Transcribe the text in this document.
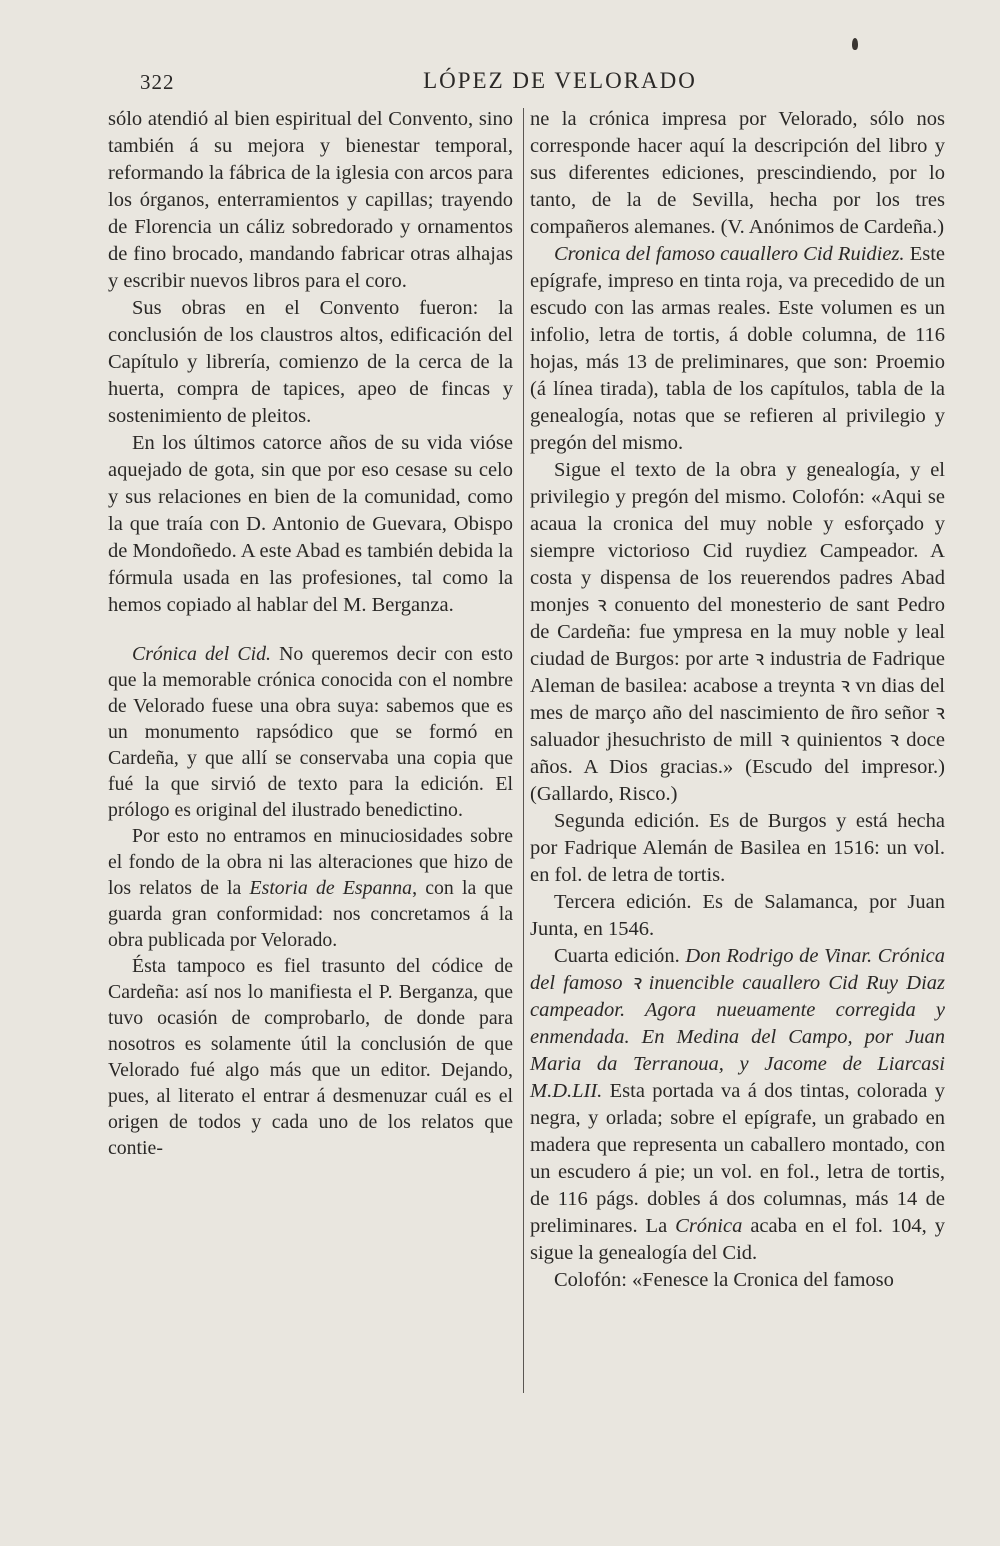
322	LÓPEZ DE VELORADO

sólo atendió al bien espiritual del Convento, sino también á su mejora y bienestar temporal, reformando la fábrica de la iglesia con arcos para los órganos, enterramientos y capillas; trayendo de Florencia un cáliz sobredorado y ornamentos de fino brocado, mandando fabricar otras alhajas y escribir nuevos libros para el coro.

Sus obras en el Convento fueron: la conclusión de los claustros altos, edificación del Capítulo y librería, comienzo de la cerca de la huerta, compra de tapices, apeo de fincas y sostenimiento de pleitos.

En los últimos catorce años de su vida vióse aquejado de gota, sin que por eso cesase su celo y sus relaciones en bien de la comunidad, como la que traía con D. Antonio de Guevara, Obispo de Mondoñedo. A este Abad es también debida la fórmula usada en las profesiones, tal como la hemos copiado al hablar del M. Berganza.

Crónica del Cid. No queremos decir con esto que la memorable crónica conocida con el nombre de Velorado fuese una obra suya: sabemos que es un monumento rapsódico que se formó en Cardeña, y que allí se conservaba una copia que fué la que sirvió de texto para la edición. El prólogo es original del ilustrado benedictino.

Por esto no entramos en minuciosidades sobre el fondo de la obra ni las alteraciones que hizo de los relatos de la Estoria de Espanna, con la que guarda gran conformidad: nos concretamos á la obra publicada por Velorado.

Ésta tampoco es fiel trasunto del códice de Cardeña: así nos lo manifiesta el P. Berganza, que tuvo ocasión de comprobarlo, de donde para nosotros es solamente útil la conclusión de que Velorado fué algo más que un editor. Dejando, pues, al literato el entrar á desmenuzar cuál es el origen de todos y cada uno de los relatos que contie-

ne la crónica impresa por Velorado, sólo nos corresponde hacer aquí la descripción del libro y sus diferentes ediciones, prescindiendo, por lo tanto, de la de Sevilla, hecha por los tres compañeros alemanes. (V. Anónimos de Cardeña.)

Cronica del famoso cauallero Cid Ruidiez. Este epígrafe, impreso en tinta roja, va precedido de un escudo con las armas reales. Este volumen es un infolio, letra de tortis, á doble columna, de 116 hojas, más 13 de preliminares, que son: Proemio (á línea tirada), tabla de los capítulos, tabla de la genealogía, notas que se refieren al privilegio y pregón del mismo.

Sigue el texto de la obra y genealogía, y el privilegio y pregón del mismo. Colofón: «Aqui se acaua la cronica del muy noble y esforçado y siempre victorioso Cid ruydiez Campeador. A costa y dispensa de los reuerendos padres Abad monjes ꝛ conuento del monesterio de sant Pedro de Cardeña: fue ympresa en la muy noble y leal ciudad de Burgos: por arte ꝛ industria de Fadrique Aleman de basilea: acabose a treynta ꝛ vn dias del mes de março año del nascimiento de ñro señor ꝛ saluador jhesuchristo de mill ꝛ quinientos ꝛ doce años. A Dios gracias.» (Escudo del impresor.) (Gallardo, Risco.)

Segunda edición. Es de Burgos y está hecha por Fadrique Alemán de Basilea en 1516: un vol. en fol. de letra de tortis.

Tercera edición. Es de Salamanca, por Juan Junta, en 1546.

Cuarta edición. Don Rodrigo de Vinar. Crónica del famoso ꝛ inuencible cauallero Cid Ruy Diaz campeador. Agora nueuamente corregida y enmendada. En Medina del Campo, por Juan Maria da Terranoua, y Jacome de Liarcasi M.D.LII. Esta portada va á dos tintas, colorada y negra, y orlada; sobre el epígrafe, un grabado en madera que representa un caballero montado, con un escudero á pie; un vol. en fol., letra de tortis, de 116 págs. dobles á dos columnas, más 14 de preliminares. La Crónica acaba en el fol. 104, y sigue la genealogía del Cid.

Colofón: «Fenesce la Cronica del famoso
